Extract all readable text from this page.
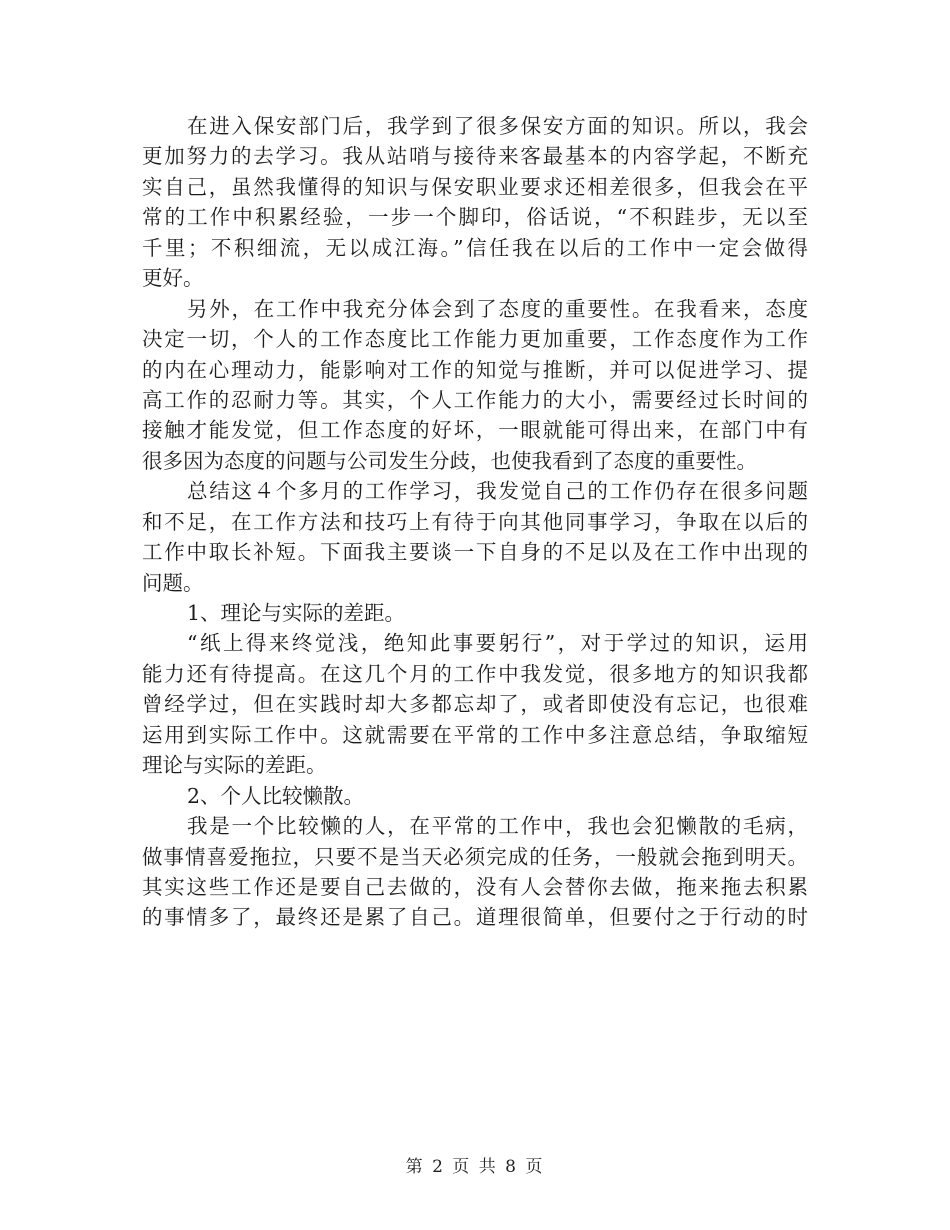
在进入保安部门后，我学到了很多保安方面的知识。所以，我会
更加努力的去学习。我从站哨与接待来客最基本的内容学起，不断充
实自己，虽然我懂得的知识与保安职业要求还相差很多，但我会在平
常的工作中积累经验，一步一个脚印，俗话说，“不积跬步，无以至
千里；不积细流，无以成江海。”信任我在以后的工作中一定会做得
更好。
另外，在工作中我充分体会到了态度的重要性。在我看来，态度
决定一切，个人的工作态度比工作能力更加重要，工作态度作为工作
的内在心理动力，能影响对工作的知觉与推断，并可以促进学习、提
高工作的忍耐力等。其实，个人工作能力的大小，需要经过长时间的
接触才能发觉，但工作态度的好坏，一眼就能可得出来，在部门中有
很多因为态度的问题与公司发生分歧，也使我看到了态度的重要性。
总结这４个多月的工作学习，我发觉自己的工作仍存在很多问题
和不足，在工作方法和技巧上有待于向其他同事学习，争取在以后的
工作中取长补短。下面我主要谈一下自身的不足以及在工作中出现的
问题。
1、理论与实际的差距。
“纸上得来终觉浅，绝知此事要躬行”，对于学过的知识，运用
能力还有待提高。在这几个月的工作中我发觉，很多地方的知识我都
曾经学过，但在实践时却大多都忘却了，或者即使没有忘记，也很难
运用到实际工作中。这就需要在平常的工作中多注意总结，争取缩短
理论与实际的差距。
2、个人比较懒散。
我是一个比较懒的人，在平常的工作中，我也会犯懒散的毛病，
做事情喜爱拖拉，只要不是当天必须完成的任务，一般就会拖到明天。
其实这些工作还是要自己去做的，没有人会替你去做，拖来拖去积累
的事情多了，最终还是累了自己。道理很简单，但要付之于行动的时
第 2 页 共 8 页
